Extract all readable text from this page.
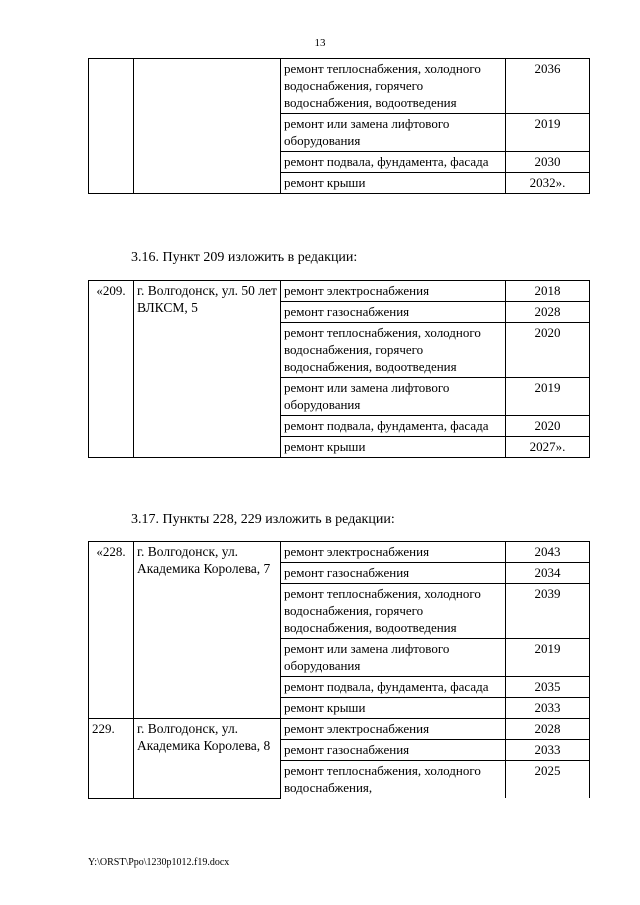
13
		ремонт теплоснабжения, холодного водоснабжения, горячего водоснабжения, водоотведения	2036
		ремонт или замена лифтового оборудования	2019
		ремонт подвала, фундамента, фасада	2030
		ремонт крыши	2032».
3.16. Пункт 209 изложить в редакции:
«209.	г. Волгодонск, ул. 50 лет ВЛКСМ, 5	ремонт электроснабжения	2018
		ремонт газоснабжения	2028
		ремонт теплоснабжения, холодного водоснабжения, горячего водоснабжения, водоотведения	2020
		ремонт или замена лифтового оборудования	2019
		ремонт подвала, фундамента, фасада	2020
		ремонт крыши	2027».
3.17. Пункты 228, 229 изложить в редакции:
«228.	г. Волгодонск, ул. Академика Королева, 7	ремонт электроснабжения	2043
		ремонт газоснабжения	2034
		ремонт теплоснабжения, холодного водоснабжения, горячего водоснабжения, водоотведения	2039
		ремонт или замена лифтового оборудования	2019
		ремонт подвала, фундамента, фасада	2035
		ремонт крыши	2033
229.	г. Волгодонск, ул. Академика Королева, 8	ремонт электроснабжения	2028
		ремонт газоснабжения	2033
		ремонт теплоснабжения, холодного водоснабжения,	2025
Y:\ORST\Ppo\1230p1012.f19.docx
